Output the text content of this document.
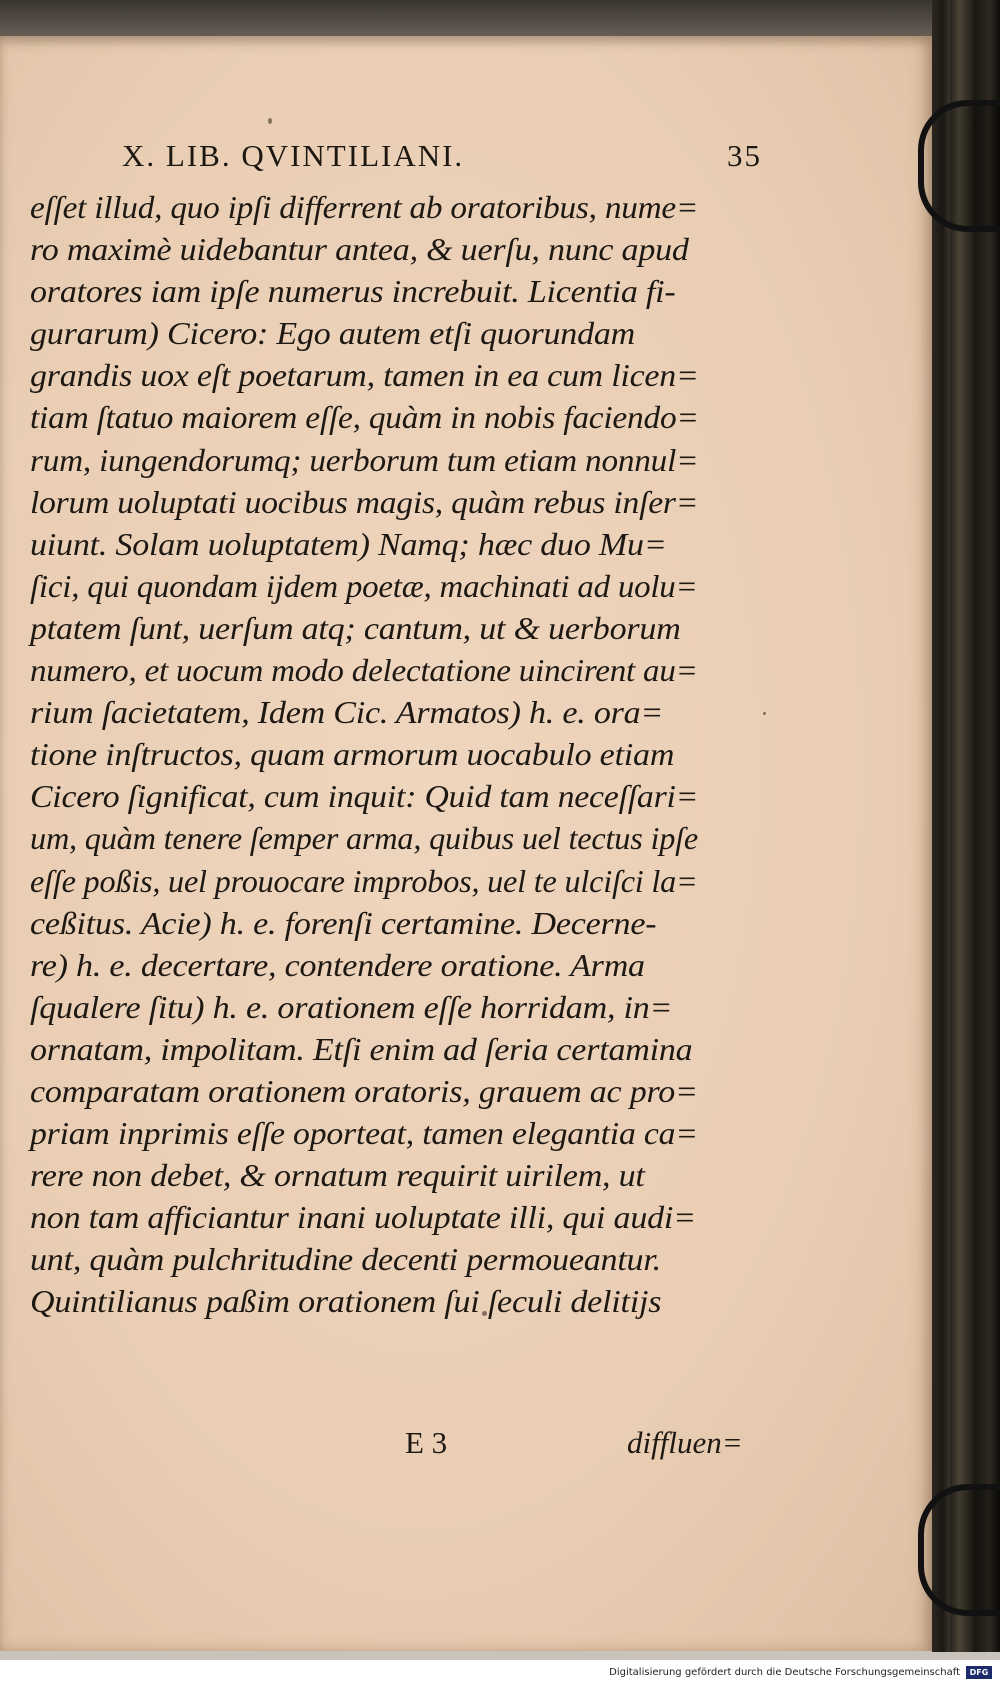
X. LIB. QVINTILIANI.	35
eſſet illud, quo ipſi differrent ab oratoribus, nume=
ro maximè uidebantur antea, & uerſu, nunc apud
oratores iam ipſe numerus increbuit. Licentia fi-
gurarum) Cicero: Ego autem etſi quorundam
grandis uox eſt poetarum, tamen in ea cum licen=
tiam ſtatuo maiorem eſſe, quàm in nobis faciendo=
rum, iungendorumq; uerborum tum etiam nonnul=
lorum uoluptati uocibus magis, quàm rebus inſer=
uiunt. Solam uoluptatem) Namq; hæc duo Mu=
ſici, qui quondam ijdem poetæ, machinati ad uolu=
ptatem ſunt, uerſum atq; cantum, ut & uerborum
numero, et uocum modo delectatione uincirent au=
rium ſacietatem, Idem Cic. Armatos) h. e. ora=
tione inſtructos, quam armorum uocabulo etiam
Cicero ſignificat, cum inquit: Quid tam neceſſari=
um, quàm tenere ſemper arma, quibus uel tectus ipſe
eſſe poßis, uel prouocare improbos, uel te ulciſci la=
ceßitus. Acie) h. e. forenſi certamine. Decerne-
re) h. e. decertare, contendere oratione. Arma
ſqualere ſitu) h. e. orationem eſſe horridam, in=
ornatam, impolitam. Etſi enim ad ſeria certamina
comparatam orationem oratoris, grauem ac pro=
priam inprimis eſſe oporteat, tamen elegantia ca=
rere non debet, & ornatum requirit uirilem, ut
non tam afficiantur inani uoluptate illi, qui audi=
unt, quàm pulchritudine decenti permoueantur.
Quintilianus paßim orationem ſui ſeculi delitijs
E 3	diffluen=
Digitalisierung gefördert durch die Deutsche Forschungsgemeinschaft	DFG
